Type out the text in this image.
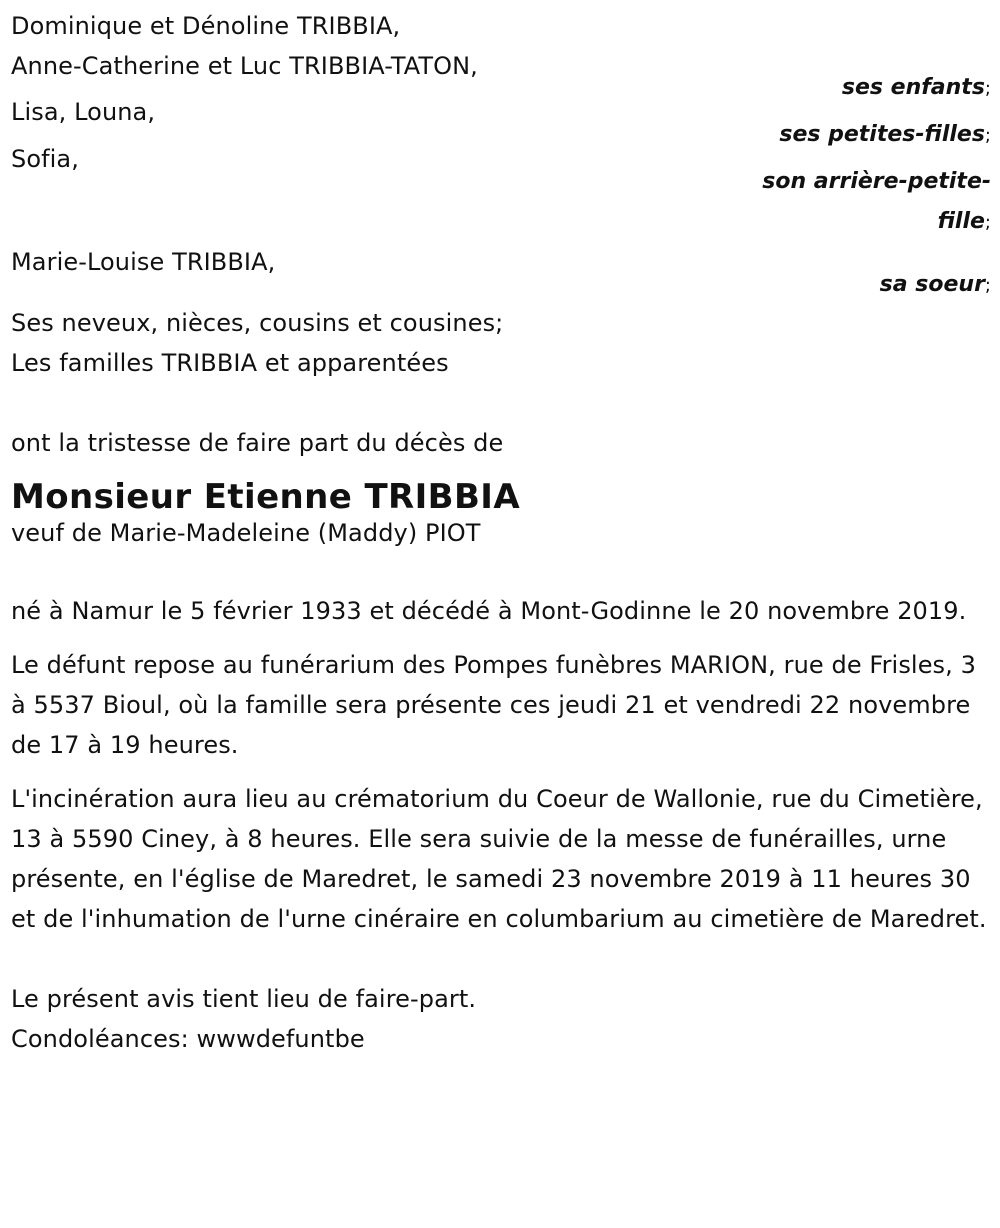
Dominique et Dénoline TRIBBIA,
Anne-Catherine et Luc TRIBBIA-TATON,
ses enfants;
Lisa, Louna,
ses petites-filles;
Sofia,
son arrière-petite-
fille;
Marie-Louise TRIBBIA,
sa soeur;
Ses neveux, nièces, cousins et cousines;
Les familles TRIBBIA et apparentées
ont la tristesse de faire part du décès de
Monsieur Etienne TRIBBIA
veuf de Marie-Madeleine (Maddy) PIOT
né à Namur le 5 février 1933 et décédé à Mont-Godinne le 20 novembre 2019.
Le défunt repose au funérarium des Pompes funèbres MARION, rue de Frisles, 3 à 5537 Bioul, où la famille sera présente ces jeudi 21 et vendredi 22 novembre de 17 à 19 heures.
L'incinération aura lieu au crématorium du Coeur de Wallonie, rue du Cimetière, 13 à 5590 Ciney, à 8 heures. Elle sera suivie de la messe de funérailles, urne présente, en l'église de Maredret, le samedi 23 novembre 2019 à 11 heures 30 et de l'inhumation de l'urne cinéraire en columbarium au cimetière de Maredret.
Le présent avis tient lieu de faire-part.
Condoléances: wwwdefuntbe
